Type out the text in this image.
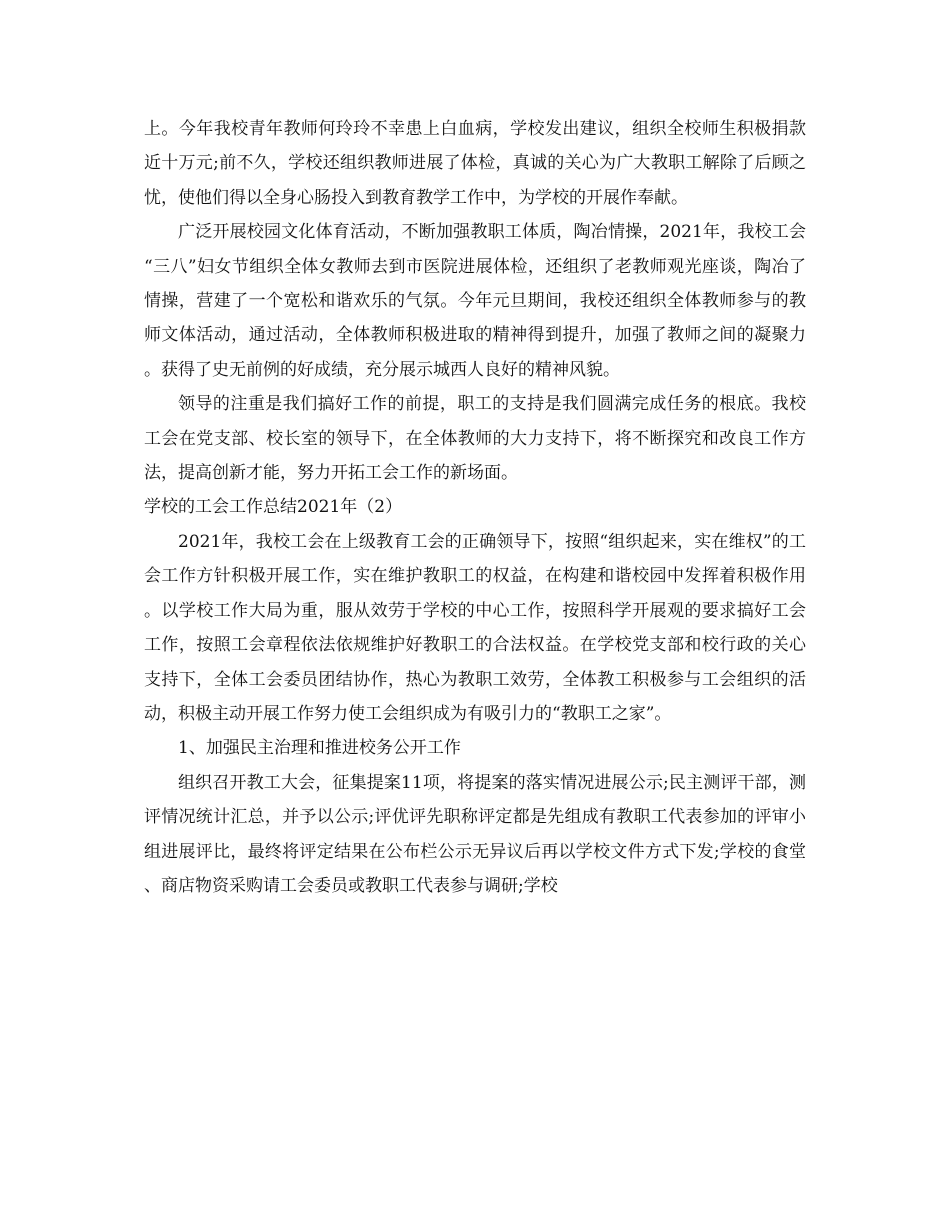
上。今年我校青年教师何玲玲不幸患上白血病，学校发出建议，组织全校师生积极捐款近十万元;前不久，学校还组织教师进展了体检，真诚的关心为广大教职工解除了后顾之忧，使他们得以全身心肠投入到教育教学工作中，为学校的开展作奉献。

广泛开展校园文化体育活动，不断加强教职工体质，陶冶情操，2021年，我校工会“三八”妇女节组织全体女教师去到市医院进展体检，还组织了老教师观光座谈，陶冶了情操，营建了一个宽松和谐欢乐的气氛。今年元旦期间，我校还组织全体教师参与的教师文体活动，通过活动，全体教师积极进取的精神得到提升，加强了教师之间的凝聚力。获得了史无前例的好成绩，充分展示城西人良好的精神风貌。

领导的注重是我们搞好工作的前提，职工的支持是我们圆满完成任务的根底。我校工会在党支部、校长室的领导下，在全体教师的大力支持下，将不断探究和改良工作方法，提高创新才能，努力开拓工会工作的新场面。

学校的工会工作总结2021年（2）

2021年，我校工会在上级教育工会的正确领导下，按照“组织起来，实在维权”的工会工作方针积极开展工作，实在维护教职工的权益，在构建和谐校园中发挥着积极作用。以学校工作大局为重，服从效劳于学校的中心工作，按照科学开展观的要求搞好工会工作，按照工会章程依法依规维护好教职工的合法权益。在学校党支部和校行政的关心支持下，全体工会委员团结协作，热心为教职工效劳，全体教工积极参与工会组织的活动，积极主动开展工作努力使工会组织成为有吸引力的“教职工之家”。

1、加强民主治理和推进校务公开工作

组织召开教工大会，征集提案11项，将提案的落实情况进展公示;民主测评干部，测评情况统计汇总，并予以公示;评优评先职称评定都是先组成有教职工代表参加的评审小组进展评比，最终将评定结果在公布栏公示无异议后再以学校文件方式下发;学校的食堂、商店物资采购请工会委员或教职工代表参与调研;学校
